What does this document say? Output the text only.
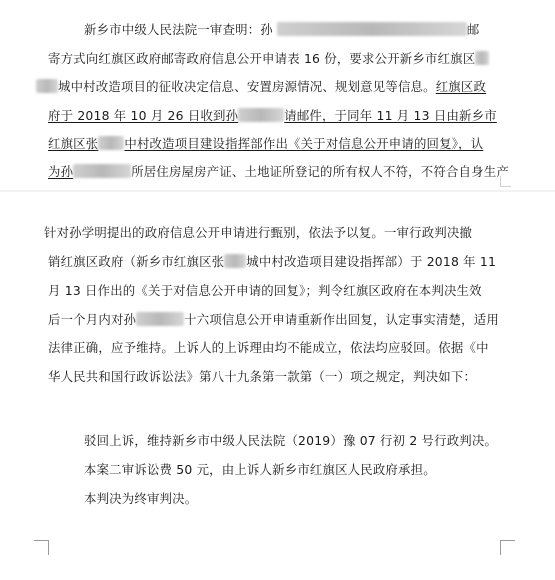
新乡市中级人民法院一审查明：孙	邮
寄方式向红旗区政府邮寄政府信息公开申请表 16 份，要求公开新乡市红旗区
城中村改造项目的征收决定信息、安置房源情况、规划意见等信息。红旗区政
府于 2018 年 10 月 26 日收到孙	请邮件，于同年 11 月 13 日由新乡市
红旗区张 中村改造项目建设指挥部作出《关于对信息公开申请的回复》，认
为孙	所居住房屋房产证、土地证所登记的所有权人不符，不符合自身生产
针对孙学明提出的政府信息公开申请进行甄别，依法予以复。一审行政判决撤
销红旗区政府（新乡市红旗区张 城中村改造项目建设指挥部）于 2018 年 11
月 13 日作出的《关于对信息公开申请的回复》；判令红旗区政府在本判决生效
后一个月内对孙	十六项信息公开申请重新作出回复，认定事实清楚，适用
法律正确，应予维持。上诉人的上诉理由均不能成立，依法均应驳回。依据《中
华人民共和国行政诉讼法》第八十九条第一款第（一）项之规定，判决如下：
驳回上诉，维持新乡市中级人民法院（2019）豫 07 行初 2 号行政判决。
本案二审诉讼费 50 元，由上诉人新乡市红旗区人民政府承担。
本判决为终审判决。
